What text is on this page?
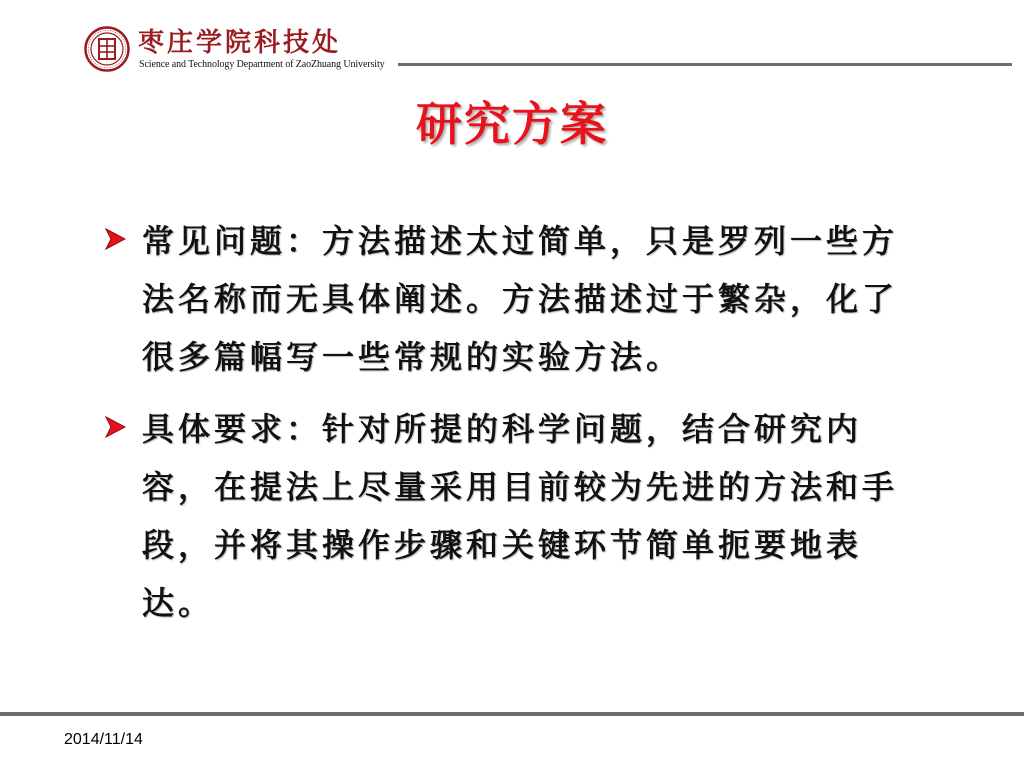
枣庄学院科技处
Science and Technology Department of ZaoZhuang University
研究方案
常见问题：方法描述太过简单，只是罗列一些方法名称而无具体阐述。方法描述过于繁杂，化了很多篇幅写一些常规的实验方法。
具体要求：针对所提的科学问题，结合研究内容，在提法上尽量采用目前较为先进的方法和手段，并将其操作步骤和关键环节简单扼要地表达。
2014/11/14
